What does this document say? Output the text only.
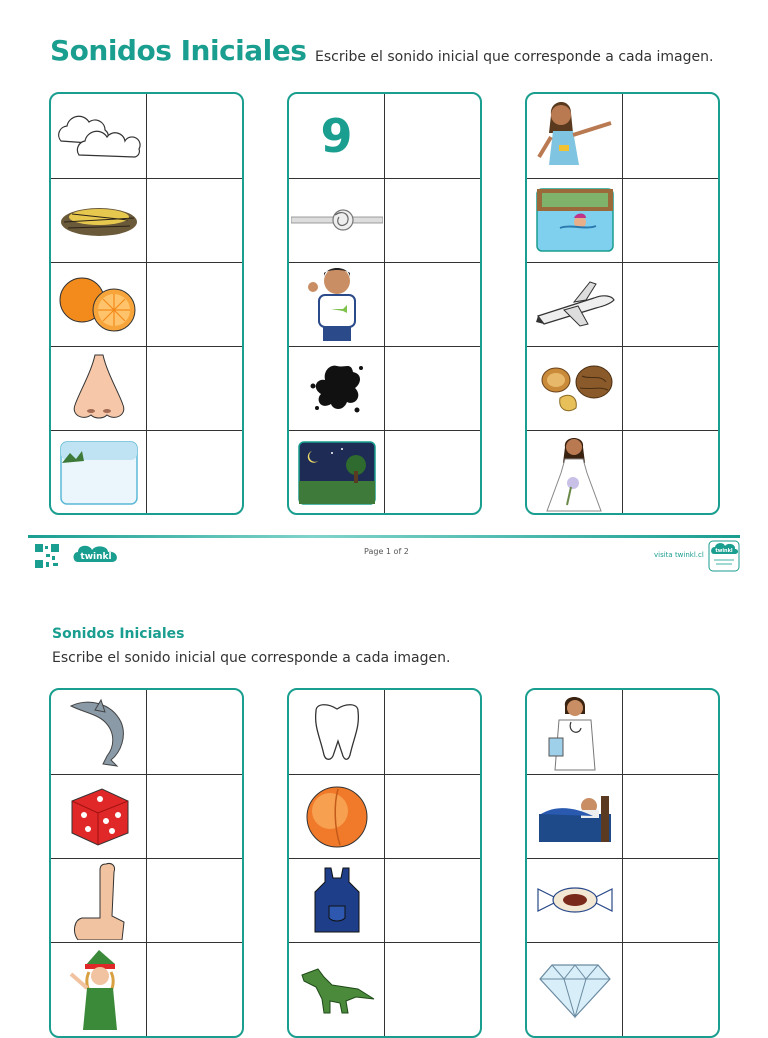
Sonidos Iniciales Escribe el sonido inicial que corresponde a cada imagen.
9
twinkl
Page 1 of 2	visita twinkl.cl twinkl
Sonidos Iniciales
Escribe el sonido inicial que corresponde a cada imagen.
